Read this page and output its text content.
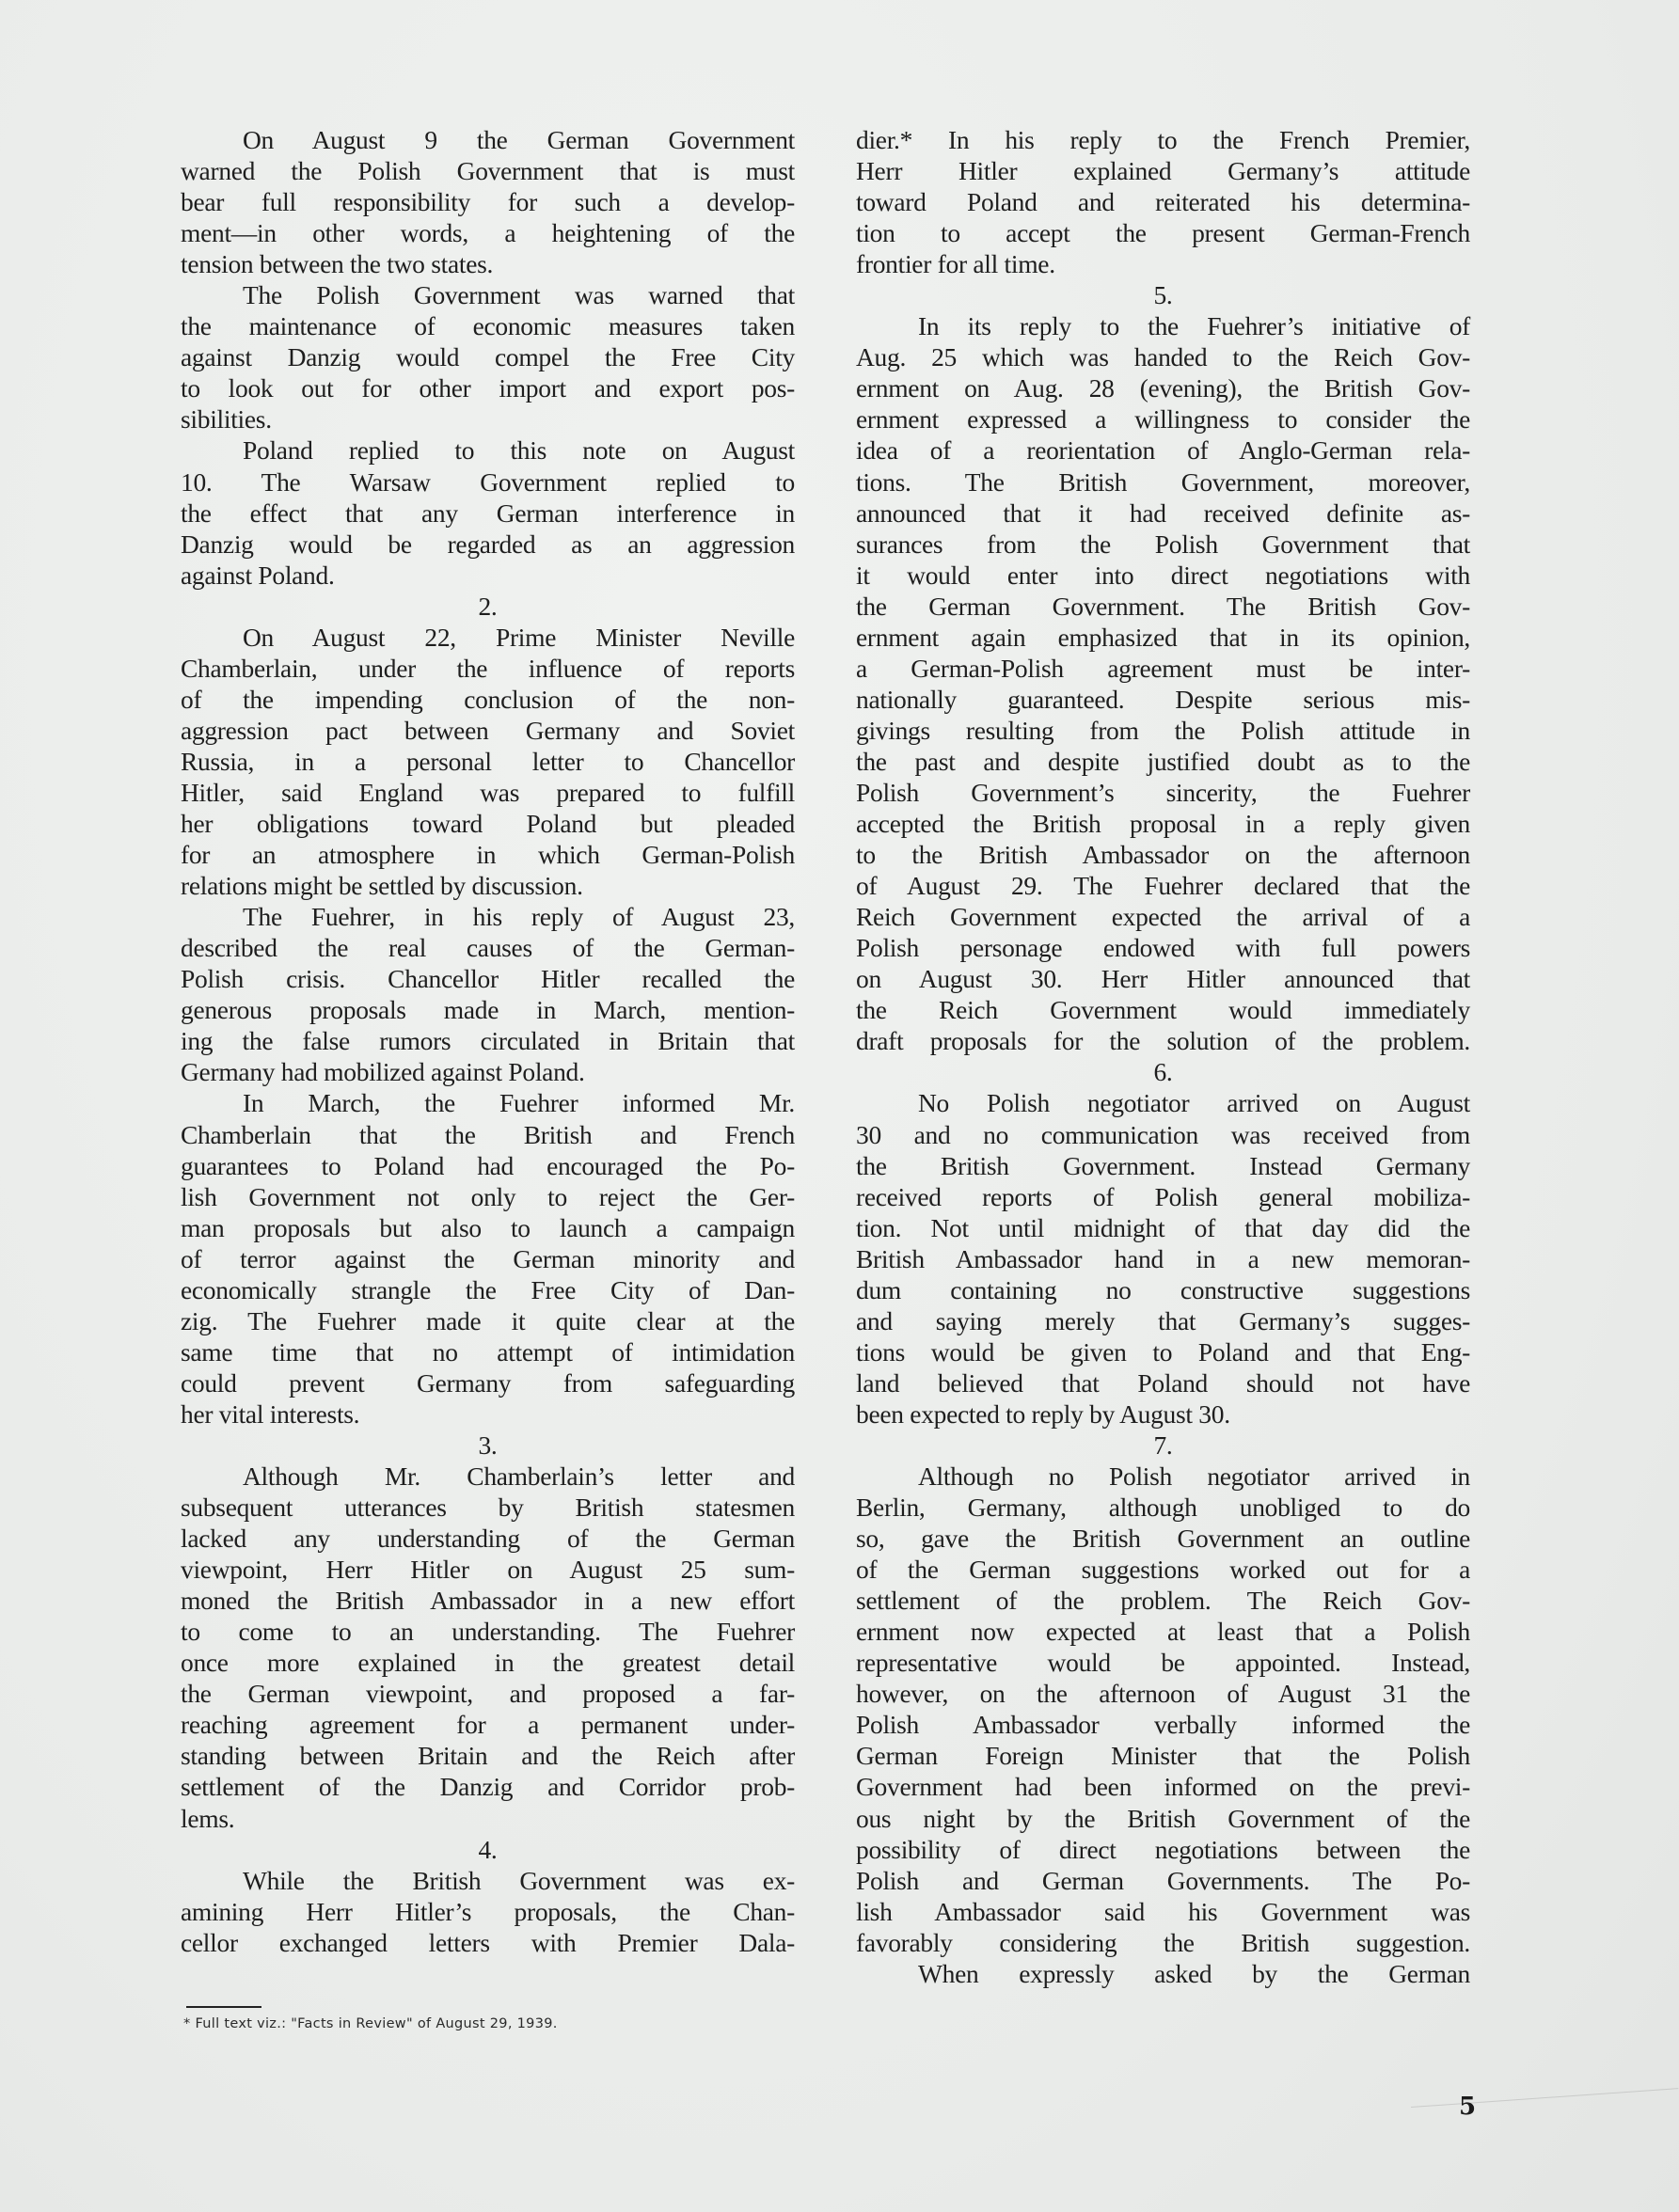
On August 9 the German Government
warned the Polish Government that is must
bear full responsibility for such a develop-
ment—in other words, a heightening of the
tension between the two states.
The Polish Government was warned that
the maintenance of economic measures taken
against Danzig would compel the Free City
to look out for other import and export pos-
sibilities.
Poland replied to this note on August
10. The Warsaw Government replied to
the effect that any German interference in
Danzig would be regarded as an aggression
against Poland.
2.
On August 22, Prime Minister Neville
Chamberlain, under the influence of reports
of the impending conclusion of the non-
aggression pact between Germany and Soviet
Russia, in a personal letter to Chancellor
Hitler, said England was prepared to fulfill
her obligations toward Poland but pleaded
for an atmosphere in which German-Polish
relations might be settled by discussion.
The Fuehrer, in his reply of August 23,
described the real causes of the German-
Polish crisis. Chancellor Hitler recalled the
generous proposals made in March, mention-
ing the false rumors circulated in Britain that
Germany had mobilized against Poland.
In March, the Fuehrer informed Mr.
Chamberlain that the British and French
guarantees to Poland had encouraged the Po-
lish Government not only to reject the Ger-
man proposals but also to launch a campaign
of terror against the German minority and
economically strangle the Free City of Dan-
zig. The Fuehrer made it quite clear at the
same time that no attempt of intimidation
could prevent Germany from safeguarding
her vital interests.
3.
Although Mr. Chamberlain’s letter and
subsequent utterances by British statesmen
lacked any understanding of the German
viewpoint, Herr Hitler on August 25 sum-
moned the British Ambassador in a new effort
to come to an understanding. The Fuehrer
once more explained in the greatest detail
the German viewpoint, and proposed a far-
reaching agreement for a permanent under-
standing between Britain and the Reich after
settlement of the Danzig and Corridor prob-
lems.
4.
While the British Government was ex-
amining Herr Hitler’s proposals, the Chan-
cellor exchanged letters with Premier Dala-
dier.* In his reply to the French Premier,
Herr Hitler explained Germany’s attitude
toward Poland and reiterated his determina-
tion to accept the present German-French
frontier for all time.
5.
In its reply to the Fuehrer’s initiative of
Aug. 25 which was handed to the Reich Gov-
ernment on Aug. 28 (evening), the British Gov-
ernment expressed a willingness to consider the
idea of a reorientation of Anglo-German rela-
tions. The British Government, moreover,
announced that it had received definite as-
surances from the Polish Government that
it would enter into direct negotiations with
the German Government. The British Gov-
ernment again emphasized that in its opinion,
a German-Polish agreement must be inter-
nationally guaranteed. Despite serious mis-
givings resulting from the Polish attitude in
the past and despite justified doubt as to the
Polish Government’s sincerity, the Fuehrer
accepted the British proposal in a reply given
to the British Ambassador on the afternoon
of August 29. The Fuehrer declared that the
Reich Government expected the arrival of a
Polish personage endowed with full powers
on August 30. Herr Hitler announced that
the Reich Government would immediately
draft proposals for the solution of the problem.
6.
No Polish negotiator arrived on August
30 and no communication was received from
the British Government. Instead Germany
received reports of Polish general mobiliza-
tion. Not until midnight of that day did the
British Ambassador hand in a new memoran-
dum containing no constructive suggestions
and saying merely that Germany’s sugges-
tions would be given to Poland and that Eng-
land believed that Poland should not have
been expected to reply by August 30.
7.
Although no Polish negotiator arrived in
Berlin, Germany, although unobliged to do
so, gave the British Government an outline
of the German suggestions worked out for a
settlement of the problem. The Reich Gov-
ernment now expected at least that a Polish
representative would be appointed. Instead,
however, on the afternoon of August 31 the
Polish Ambassador verbally informed the
German Foreign Minister that the Polish
Government had been informed on the previ-
ous night by the British Government of the
possibility of direct negotiations between the
Polish and German Governments. The Po-
lish Ambassador said his Government was
favorably considering the British suggestion.
When expressly asked by the German
* Full text viz.: "Facts in Review" of August 29, 1939.
5
